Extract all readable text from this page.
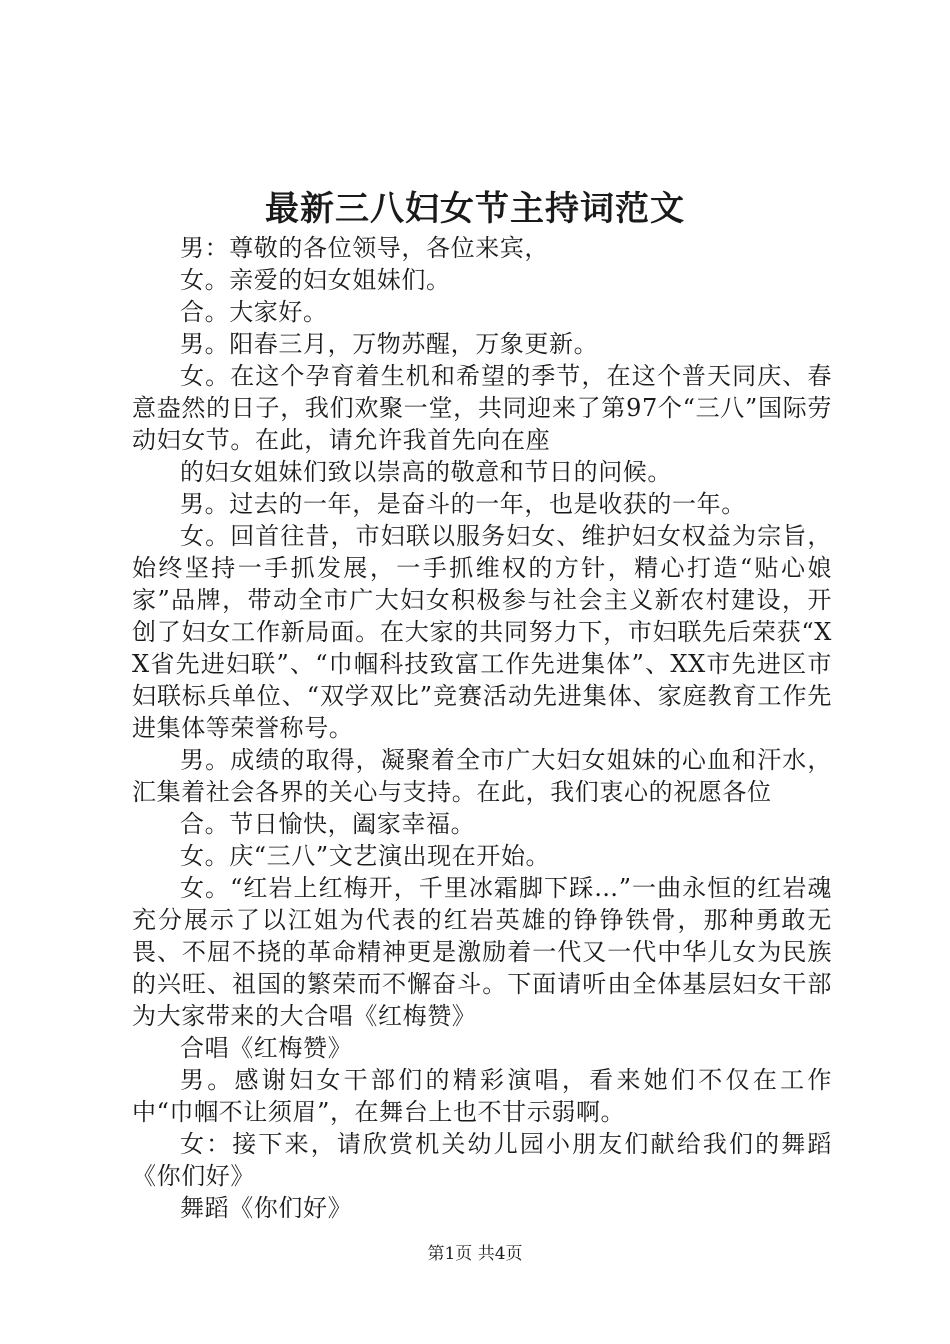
最新三八妇女节主持词范文

男：尊敬的各位领导，各位来宾，

女。亲爱的妇女姐妹们。

合。大家好。

男。阳春三月，万物苏醒，万象更新。

女。在这个孕育着生机和希望的季节，在这个普天同庆、春意盎然的日子，我们欢聚一堂，共同迎来了第97个“三八”国际劳动妇女节。在此，请允许我首先向在座

的妇女姐妹们致以崇高的敬意和节日的问候。

男。过去的一年，是奋斗的一年，也是收获的一年。

女。回首往昔，市妇联以服务妇女、维护妇女权益为宗旨，始终坚持一手抓发展，一手抓维权的方针，精心打造“贴心娘家”品牌，带动全市广大妇女积极参与社会主义新农村建设，开创了妇女工作新局面。在大家的共同努力下，市妇联先后荣获“XX省先进妇联”、“巾帼科技致富工作先进集体”、XX市先进区市妇联标兵单位、“双学双比”竞赛活动先进集体、家庭教育工作先进集体等荣誉称号。

男。成绩的取得，凝聚着全市广大妇女姐妹的心血和汗水，汇集着社会各界的关心与支持。在此，我们衷心的祝愿各位

合。节日愉快，阖家幸福。

女。庆“三八”文艺演出现在开始。

女。“红岩上红梅开，千里冰霜脚下踩…”一曲永恒的红岩魂充分展示了以江姐为代表的红岩英雄的铮铮铁骨，那种勇敢无畏、不屈不挠的革命精神更是激励着一代又一代中华儿女为民族的兴旺、祖国的繁荣而不懈奋斗。下面请听由全体基层妇女干部为大家带来的大合唱《红梅赞》

合唱《红梅赞》

男。感谢妇女干部们的精彩演唱，看来她们不仅在工作中“巾帼不让须眉”，在舞台上也不甘示弱啊。

女：接下来，请欣赏机关幼儿园小朋友们献给我们的舞蹈《你们好》

舞蹈《你们好》

第1页 共4页
